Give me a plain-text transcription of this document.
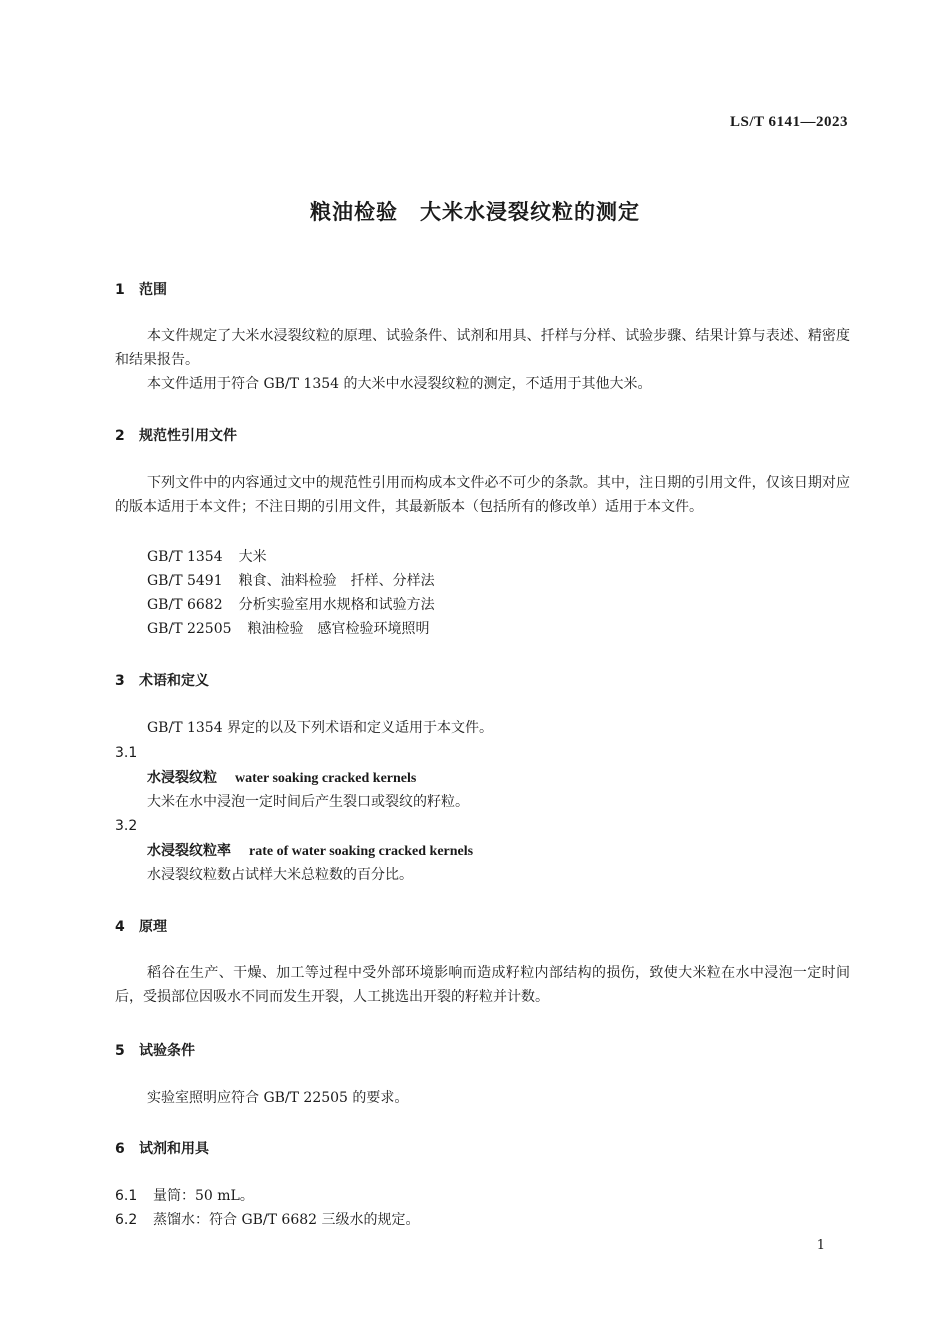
LS/T 6141—2023
粮油检验　大米水浸裂纹粒的测定
1 范围
本文件规定了大米水浸裂纹粒的原理、试验条件、试剂和用具、扦样与分样、试验步骤、结果计算与表述、精密度和结果报告。
本文件适用于符合 GB/T 1354 的大米中水浸裂纹粒的测定，不适用于其他大米。
2 规范性引用文件
下列文件中的内容通过文中的规范性引用而构成本文件必不可少的条款。其中，注日期的引用文件，仅该日期对应的版本适用于本文件；不注日期的引用文件，其最新版本（包括所有的修改单）适用于本文件。
GB/T 1354 大米
GB/T 5491 粮食、油料检验　扦样、分样法
GB/T 6682 分析实验室用水规格和试验方法
GB/T 22505 粮油检验　感官检验环境照明
3 术语和定义
GB/T 1354 界定的以及下列术语和定义适用于本文件。
3.1
水浸裂纹粒 water soaking cracked kernels
大米在水中浸泡一定时间后产生裂口或裂纹的籽粒。
3.2
水浸裂纹粒率 rate of water soaking cracked kernels
水浸裂纹粒数占试样大米总粒数的百分比。
4 原理
稻谷在生产、干燥、加工等过程中受外部环境影响而造成籽粒内部结构的损伤，致使大米粒在水中浸泡一定时间后，受损部位因吸水不同而发生开裂，人工挑选出开裂的籽粒并计数。
5 试验条件
实验室照明应符合 GB/T 22505 的要求。
6 试剂和用具
6.1 量筒：50 mL。
6.2 蒸馏水：符合 GB/T 6682 三级水的规定。
1
